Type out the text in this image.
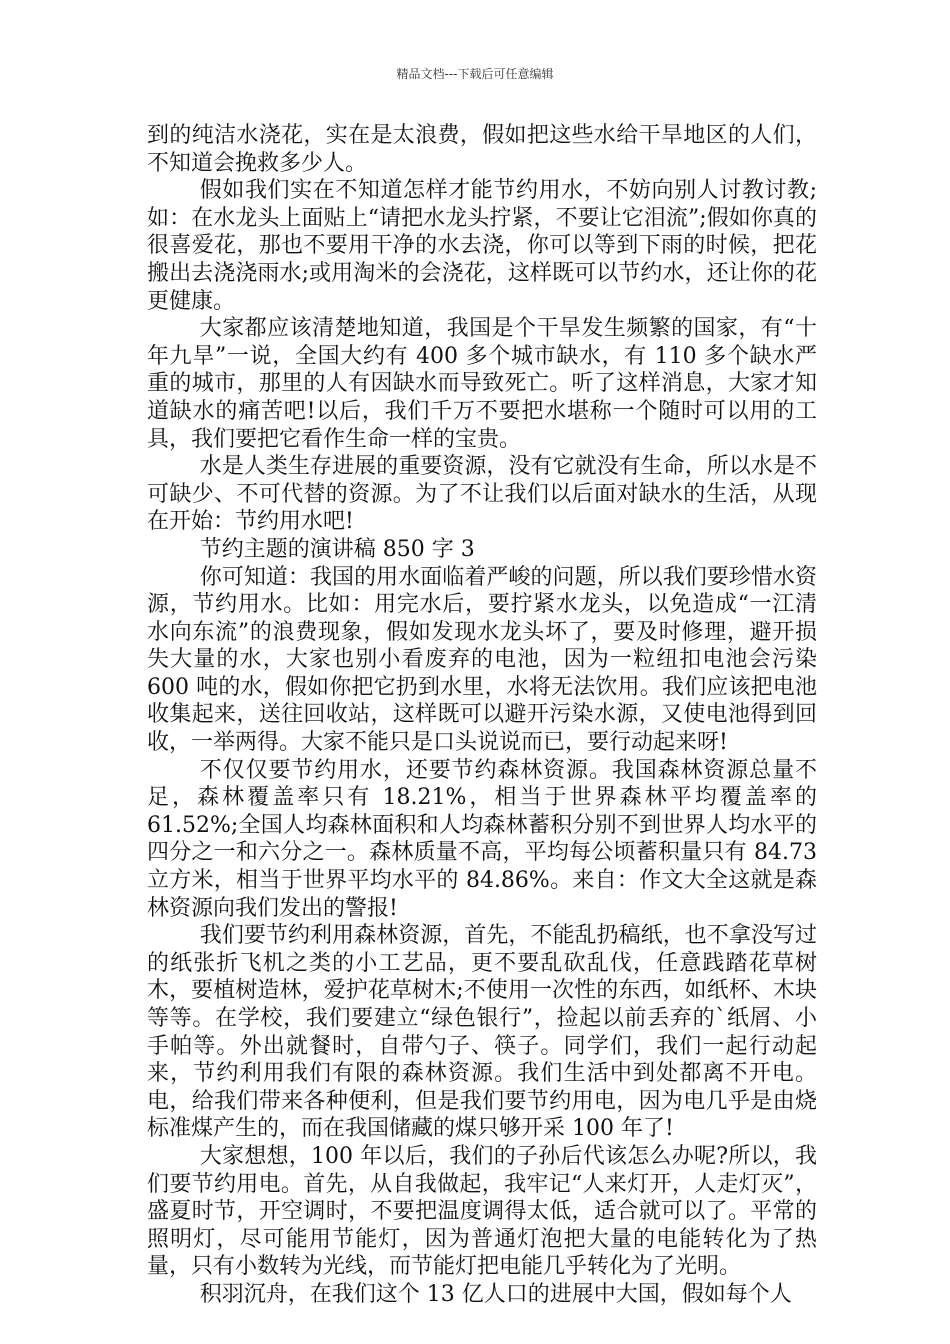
精品文档---下载后可任意编辑

到的纯洁水浇花，实在是太浪费，假如把这些水给干旱地区的人们，不知道会挽救多少人。

假如我们实在不知道怎样才能节约用水，不妨向别人讨教讨教;如：在水龙头上面贴上“请把水龙头拧紧，不要让它泪流”;假如你真的很喜爱花，那也不要用干净的水去浇，你可以等到下雨的时候，把花搬出去浇浇雨水;或用淘米的会浇花，这样既可以节约水，还让你的花更健康。

大家都应该清楚地知道，我国是个干旱发生频繁的国家，有“十年九旱”一说，全国大约有 400 多个城市缺水，有 110 多个缺水严重的城市，那里的人有因缺水而导致死亡。听了这样消息，大家才知道缺水的痛苦吧!以后，我们千万不要把水堪称一个随时可以用的工具，我们要把它看作生命一样的宝贵。

水是人类生存进展的重要资源，没有它就没有生命，所以水是不可缺少、不可代替的资源。为了不让我们以后面对缺水的生活，从现在开始：节约用水吧!

节约主题的演讲稿 850 字 3

你可知道：我国的用水面临着严峻的问题，所以我们要珍惜水资源，节约用水。比如：用完水后，要拧紧水龙头，以免造成“一江清水向东流”的浪费现象，假如发现水龙头坏了，要及时修理，避开损失大量的水，大家也别小看废弃的电池，因为一粒纽扣电池会污染 600 吨的水，假如你把它扔到水里，水将无法饮用。我们应该把电池收集起来，送往回收站，这样既可以避开污染水源，又使电池得到回收，一举两得。大家不能只是口头说说而已，要行动起来呀!

不仅仅要节约用水，还要节约森林资源。我国森林资源总量不足，森林覆盖率只有 18.21%，相当于世界森林平均覆盖率的 61.52%;全国人均森林面积和人均森林蓄积分别不到世界人均水平的四分之一和六分之一。森林质量不高，平均每公顷蓄积量只有 84.73 立方米，相当于世界平均水平的 84.86%。来自：作文大全这就是森林资源向我们发出的警报!

我们要节约利用森林资源，首先，不能乱扔稿纸，也不拿没写过的纸张折飞机之类的小工艺品，更不要乱砍乱伐，任意践踏花草树木，要植树造林，爱护花草树木;不使用一次性的东西，如纸杯、木块等等。在学校，我们要建立“绿色银行”，捡起以前丢弃的`纸屑、小手帕等。外出就餐时，自带勺子、筷子。同学们，我们一起行动起来，节约利用我们有限的森林资源。我们生活中到处都离不开电。电，给我们带来各种便利，但是我们要节约用电，因为电几乎是由烧标准煤产生的，而在我国储藏的煤只够开采 100 年了!

大家想想，100 年以后，我们的子孙后代该怎么办呢?所以，我们要节约用电。首先，从自我做起，我牢记“人来灯开，人走灯灭”，盛夏时节，开空调时，不要把温度调得太低，适合就可以了。平常的照明灯，尽可能用节能灯，因为普通灯泡把大量的电能转化为了热量，只有小数转为光线，而节能灯把电能几乎转化为了光明。

积羽沉舟，在我们这个 13 亿人口的进展中大国，假如每个人
